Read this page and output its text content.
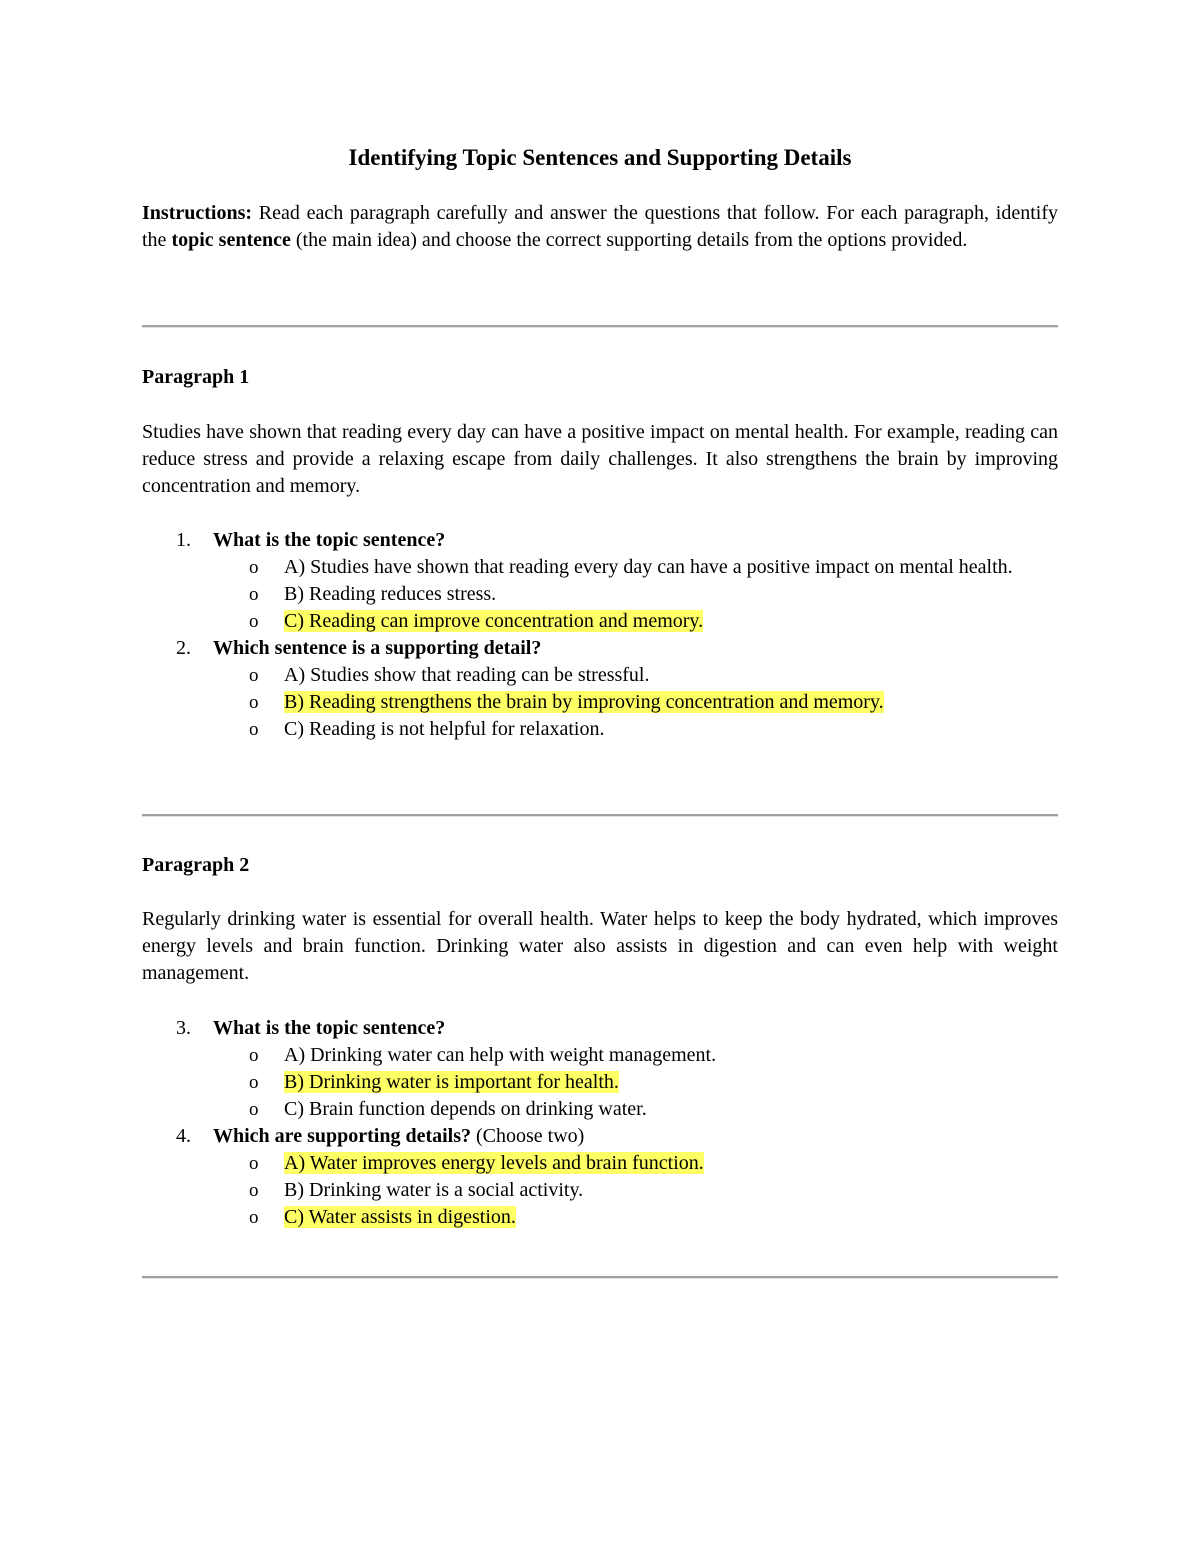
Identifying Topic Sentences and Supporting Details

Instructions: Read each paragraph carefully and answer the questions that follow. For each paragraph, identify the topic sentence (the main idea) and choose the correct supporting details from the options provided.

Paragraph 1

Studies have shown that reading every day can have a positive impact on mental health. For example, reading can reduce stress and provide a relaxing escape from daily challenges. It also strengthens the brain by improving concentration and memory.

1. What is the topic sentence?
o A) Studies have shown that reading every day can have a positive impact on mental health.
o B) Reading reduces stress.
o C) Reading can improve concentration and memory.
2. Which sentence is a supporting detail?
o A) Studies show that reading can be stressful.
o B) Reading strengthens the brain by improving concentration and memory.
o C) Reading is not helpful for relaxation.
Paragraph 2

Regularly drinking water is essential for overall health. Water helps to keep the body hydrated, which improves energy levels and brain function. Drinking water also assists in digestion and can even help with weight management.

3. What is the topic sentence?
o A) Drinking water can help with weight management.
o B) Drinking water is important for health.
o C) Brain function depends on drinking water.
4. Which are supporting details? (Choose two)
o A) Water improves energy levels and brain function.
o B) Drinking water is a social activity.
o C) Water assists in digestion.
